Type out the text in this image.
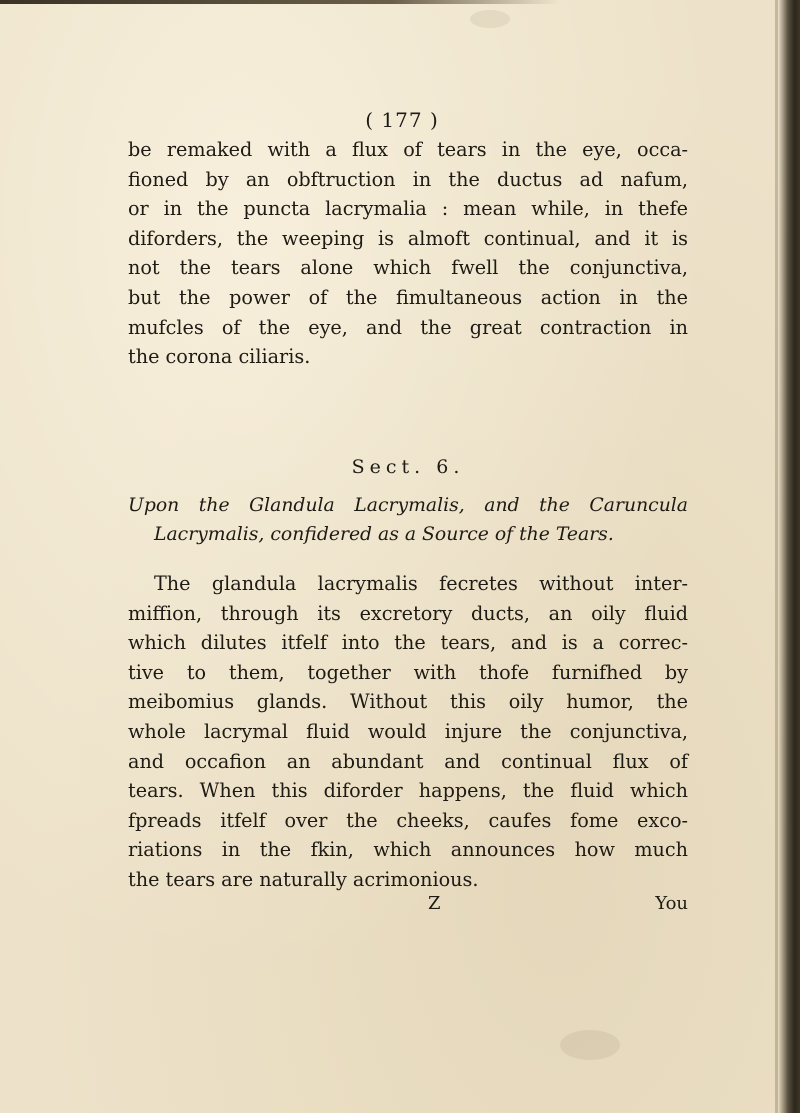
( 177 )
be remaked with a flux of tears in the eye, occa-
fioned by an obftruction in the ductus ad nafum,
or in the puncta lacrymalia : mean while, in thefe
diforders, the weeping is almoft continual, and it is
not the tears alone which fwell the conjunctiva,
but the power of the fimultaneous action in the
mufcles of the eye, and the great contraction in
the corona ciliaris.
Sect. 6.
Upon the Glandula Lacrymalis, and the Caruncula
Lacrymalis, confidered as a Source of the Tears.
The glandula lacrymalis fecretes without inter-
miffion, through its excretory ducts, an oily fluid
which dilutes itfelf into the tears, and is a correc-
tive to them, together with thofe furnifhed by
meibomius glands. Without this oily humor, the
whole lacrymal fluid would injure the conjunctiva,
and occafion an abundant and continual flux of
tears. When this diforder happens, the fluid which
fpreads itfelf over the cheeks, caufes fome exco-
riations in the fkin, which announces how much
the tears are naturally acrimonious.
Z	You
